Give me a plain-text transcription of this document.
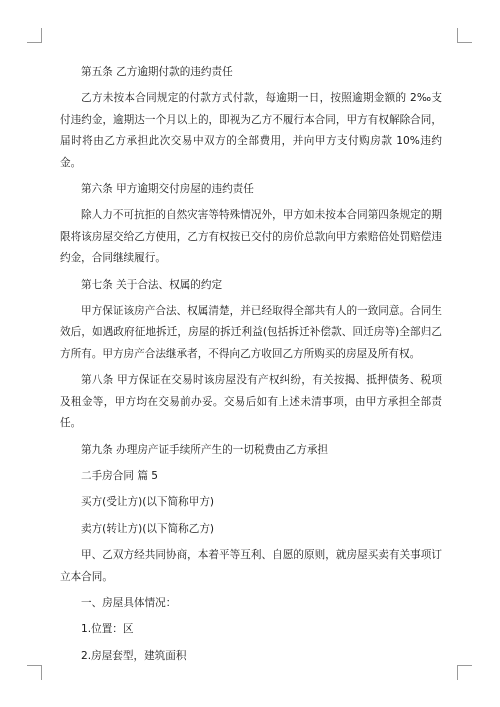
第五条 乙方逾期付款的违约责任

乙方未按本合同规定的付款方式付款，每逾期一日，按照逾期金额的 2‰支付违约金，逾期达一个月以上的，即视为乙方不履行本合同，甲方有权解除合同，届时将由乙方承担此次交易中双方的全部费用，并向甲方支付购房款 10%违约金。

第六条 甲方逾期交付房屋的违约责任

除人力不可抗拒的自然灾害等特殊情况外，甲方如未按本合同第四条规定的期限将该房屋交给乙方使用，乙方有权按已交付的房价总款向甲方索赔倍处罚赔偿违约金，合同继续履行。

第七条 关于合法、权属的约定

甲方保证该房产合法、权属清楚，并已经取得全部共有人的一致同意。合同生效后，如遇政府征地拆迁，房屋的拆迁利益(包括拆迁补偿款、回迁房等)全部归乙方所有。甲方房产合法继承者，不得向乙方收回乙方所购买的房屋及所有权。

第八条 甲方保证在交易时该房屋没有产权纠纷，有关按揭、抵押债务、税项及租金等，甲方均在交易前办妥。交易后如有上述未清事项，由甲方承担全部责任。

第九条 办理房产证手续所产生的一切税费由乙方承担

二手房合同 篇 5

买方(受让方)(以下简称甲方)

卖方(转让方)(以下简称乙方)

甲、乙双方经共同协商，本着平等互利、自愿的原则，就房屋买卖有关事项订立本合同。

一、房屋具体情况：

1.位置：区

2.房屋套型，建筑面积
